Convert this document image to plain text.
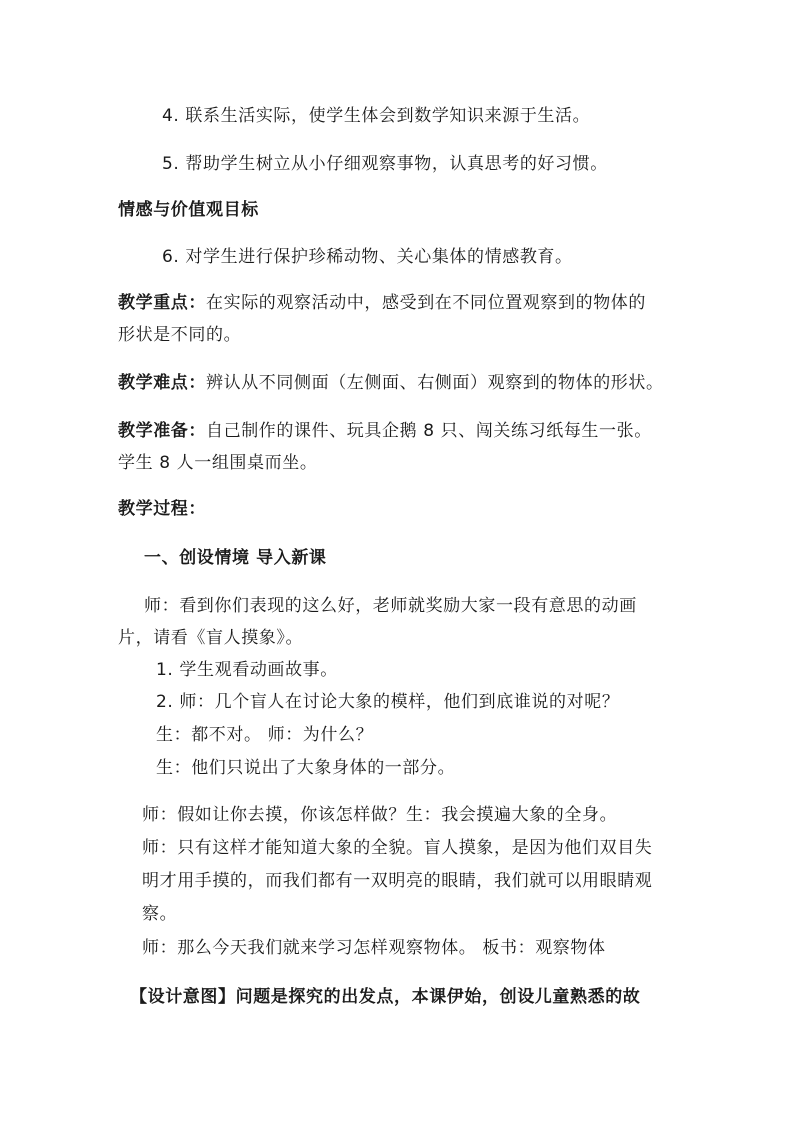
4. 联系生活实际，使学生体会到数学知识来源于生活。
5. 帮助学生树立从小仔细观察事物，认真思考的好习惯。
情感与价值观目标
6. 对学生进行保护珍稀动物、关心集体的情感教育。
教学重点：在实际的观察活动中，感受到在不同位置观察到的物体的
形状是不同的。
教学难点：辨认从不同侧面（左侧面、右侧面）观察到的物体的形状。
教学准备：自己制作的课件、玩具企鹅 8 只、闯关练习纸每生一张。
学生 8 人一组围桌而坐。
教学过程：
一、创设情境 导入新课
师：看到你们表现的这么好，老师就奖励大家一段有意思的动画
片，请看《盲人摸象》。
1. 学生观看动画故事。
2. 师：几个盲人在讨论大象的模样，他们到底谁说的对呢？
生：都不对。 师：为什么？
生：他们只说出了大象身体的一部分。
师：假如让你去摸，你该怎样做？生：我会摸遍大象的全身。
师：只有这样才能知道大象的全貌。盲人摸象，是因为他们双目失
明才用手摸的，而我们都有一双明亮的眼睛，我们就可以用眼睛观
察。
师：那么今天我们就来学习怎样观察物体。 板书：观察物体
【设计意图】问题是探究的出发点，本课伊始，创设儿童熟悉的故
